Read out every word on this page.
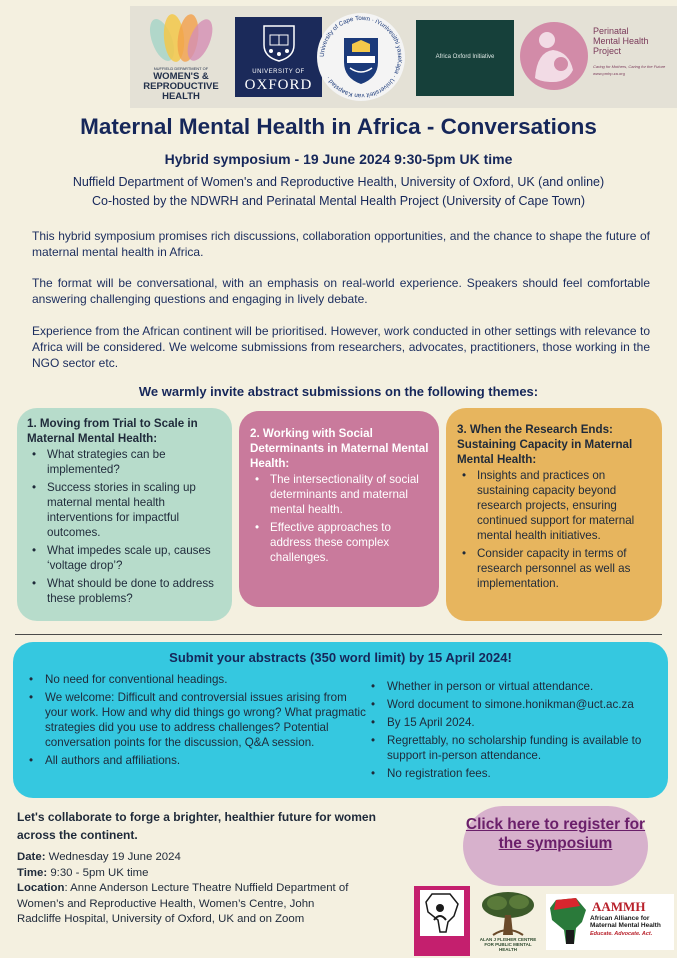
NUFFIELD DEPARTMENT OF
WOMEN'S &
REPRODUCTIVE
HEALTH
UNIVERSITY OF
OXFORD
University of Cape Town · iYunivesithi yaseKapa · Universiteit van Kaapstad ·
Africa Oxford Initiative
Perinatal
Mental Health
Project
Caring for Mothers, Caring for the Future
www.pmhp.za.org
Maternal Mental Health in Africa - Conversations
Hybrid symposium - 19 June 2024 9:30-5pm UK time
Nuffield Department of Women's and Reproductive Health, University of Oxford, UK (and online)
Co-hosted by the NDWRH and Perinatal Mental Health Project (University of Cape Town)

This hybrid symposium promises rich discussions, collaboration opportunities, and the chance to shape the future of maternal mental health in Africa.

The format will be conversational, with an emphasis on real-world experience. Speakers should feel comfortable answering challenging questions and engaging in lively debate.

Experience from the African continent will be prioritised. However, work conducted in other settings with relevance to Africa will be considered. We welcome submissions from researchers, advocates, practitioners, those working in the NGO sector etc.

We warmly invite abstract submissions on the following themes:
1. Moving from Trial to Scale in Maternal Mental Health:
• What strategies can be implemented?
• Success stories in scaling up maternal mental health interventions for impactful outcomes.
• What impedes scale up, causes ‘voltage drop’?
• What should be done to address these problems?
2. Working with Social Determinants in Maternal Mental Health:
• The intersectionality of social determinants and maternal mental health.
• Effective approaches to address these complex challenges.
3. When the Research Ends: Sustaining Capacity in Maternal Mental Health:
• Insights and practices on sustaining capacity beyond research projects, ensuring continued support for maternal mental health initiatives.
• Consider capacity in terms of research personnel as well as implementation.
Submit your abstracts (350 word limit) by 15 April 2024!
• No need for conventional headings.
• We welcome: Difficult and controversial issues arising from your work. How and why did things go wrong? What pragmatic strategies did you use to address challenges? Potential conversation points for the discussion, Q&A session.
• All authors and affiliations.
• Whether in person or virtual attendance.
• Word document to simone.honikman@uct.ac.za
• By 15 April 2024.
• Regrettably, no scholarship funding is available to support in-person attendance.
• No registration fees.
Let's collaborate to forge a brighter, healthier future for women across the continent.
Date: Wednesday 19 June 2024
Time: 9:30 - 5pm UK time
Location: Anne Anderson Lecture Theatre Nuffield Department of Women’s and Reproductive Health, Women’s Centre, John Radcliffe Hospital, University of Oxford, UK and on Zoom
Click here to register for the symposium
ALAN J FLISHER CENTRE FOR PUBLIC MENTAL HEALTH
AAMMH
African Alliance for Maternal Mental Health
Educate. Advocate. Act.
